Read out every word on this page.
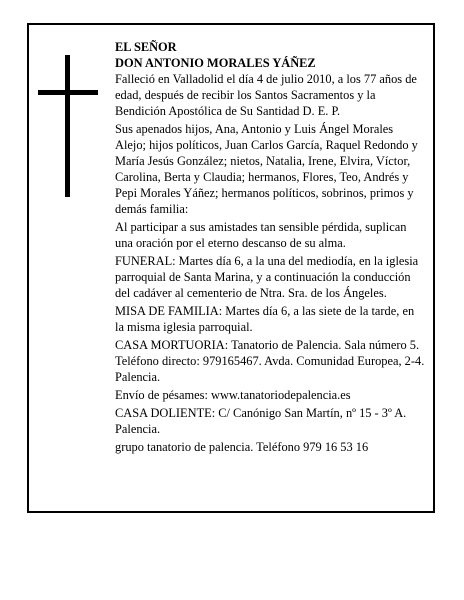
EL SEÑOR

DON ANTONIO MORALES YÁÑEZ

Falleció en Valladolid el día 4 de julio 2010, a los 77 años de edad, después de recibir los Santos Sacramentos y la Bendición Apostólica de Su Santidad D. E. P.

Sus apenados hijos, Ana, Antonio y Luis Ángel Morales Alejo; hijos políticos, Juan Carlos García, Raquel Redondo y María Jesús González; nietos, Natalia, Irene, Elvira, Víctor, Carolina, Berta y Claudia; hermanos, Flores, Teo, Andrés y Pepi Morales Yáñez; hermanos políticos, sobrinos, primos y demás familia:

Al participar a sus amistades tan sensible pérdida, suplican una oración por el eterno descanso de su alma.

FUNERAL: Martes día 6, a la una del mediodía, en la iglesia parroquial de Santa Marina, y a continuación la conducción del cadáver al cementerio de Ntra. Sra. de los Ángeles.

MISA DE FAMILIA: Martes día 6, a las siete de la tarde, en la misma iglesia parroquial.

CASA MORTUORIA: Tanatorio de Palencia. Sala número 5. Teléfono directo: 979165467. Avda. Comunidad Europea, 2-4. Palencia.

Envío de pésames: www.tanatoriodepalencia.es

CASA DOLIENTE: C/ Canónigo San Martín, nº 15 - 3º A. Palencia.

grupo tanatorio de palencia. Teléfono 979 16 53 16
